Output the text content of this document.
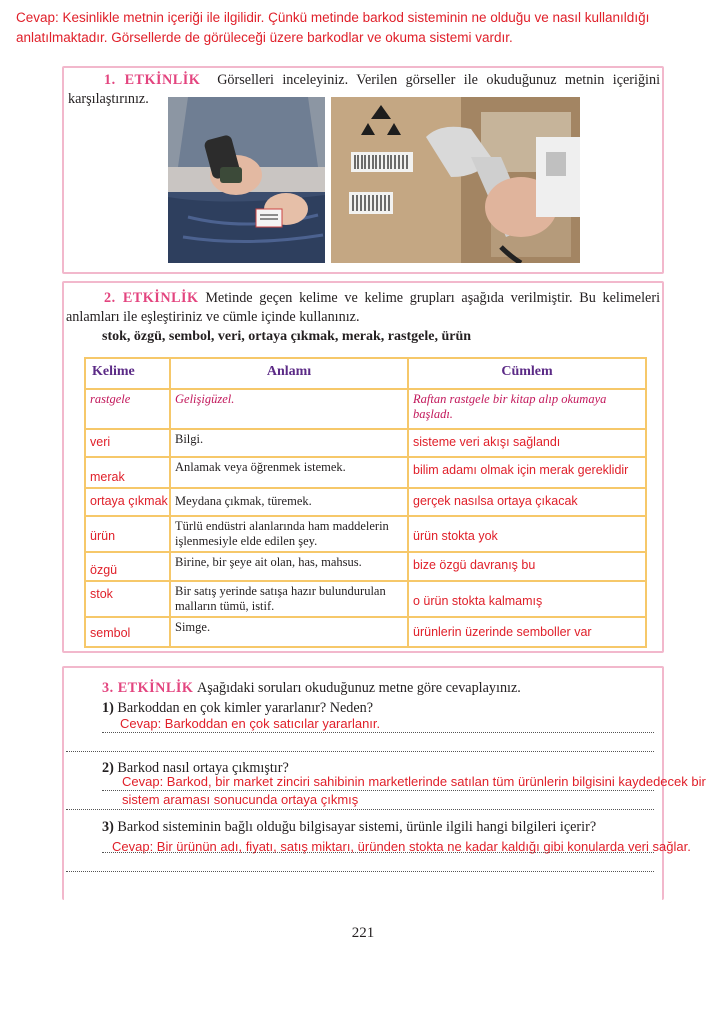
Cevap: Kesinlikle metnin içeriği ile ilgilidir. Çünkü metinde barkod sisteminin ne olduğu ve nasıl kullanıldığı anlatılmaktadır. Görsellerde de görüleceği üzere barkodlar ve okuma sistemi vardır.
1. ETKİNLİK Görselleri inceleyiniz. Verilen görseller ile okuduğunuz metnin içeriğini karşılaştırınız.
2. ETKİNLİK Metinde geçen kelime ve kelime grupları aşağıda verilmiştir. Bu kelimeleri anlamları ile eşleştiriniz ve cümle içinde kullanınız.
stok, özgü, sembol, veri, ortaya çıkmak, merak, rastgele, ürün
Kelime	Anlamı	Cümlem
rastgele	Gelişigüzel.	Raftan rastgele bir kitap alıp okumaya başladı.
veri	Bilgi.	sisteme veri akışı sağlandı
merak	Anlamak veya öğrenmek istemek.	bilim adamı olmak için merak gereklidir
ortaya çıkmak	Meydana çıkmak, türemek.	gerçek nasılsa ortaya çıkacak
ürün	Türlü endüstri alanlarında ham maddelerin işlenmesiyle elde edilen şey.	ürün stokta yok
özgü	Birine, bir şeye ait olan, has, mahsus.	bize özgü davranış bu
stok	Bir satış yerinde satışa hazır bulundurulan malların tümü, istif.	o ürün stokta kalmamış
sembol	Simge.	ürünlerin üzerinde semboller var
3. ETKİNLİK Aşağıdaki soruları okuduğunuz metne göre cevaplayınız.
1) Barkoddan en çok kimler yararlanır? Neden?
Cevap: Barkoddan en çok satıcılar yararlanır.
2) Barkod nasıl ortaya çıkmıştır?
Cevap: Barkod, bir market zinciri sahibinin marketlerinde satılan tüm ürünlerin bilgisini kaydedecek bir sistem araması sonucunda ortaya çıkmış
3) Barkod sisteminin bağlı olduğu bilgisayar sistemi, ürünle ilgili hangi bilgileri içerir?
Cevap: Bir ürünün adı, fiyatı, satış miktarı, üründen stokta ne kadar kaldığı gibi konularda veri sağlar.
221
